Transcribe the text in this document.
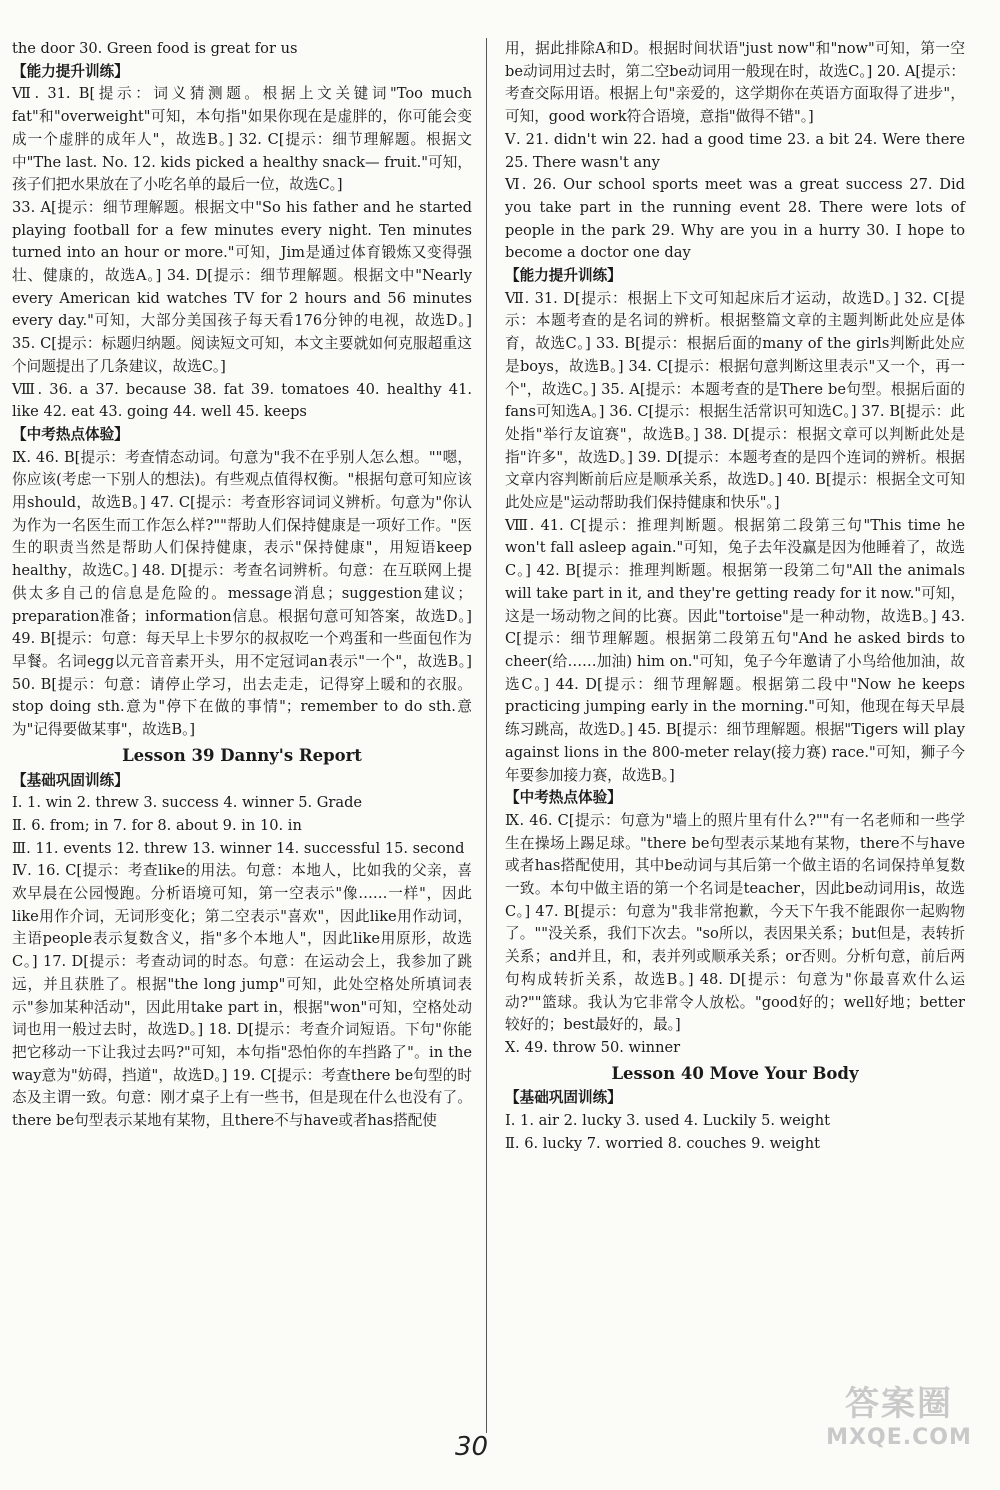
the door 30. Green food is great for us
【能力提升训练】
Ⅶ. 31. B[提示：词义猜测题。根据上文关键词"Too much fat"和"overweight"可知，本句指"如果你现在是虚胖的，你可能会变成一个虚胖的成年人"，故选B。] 32. C[提示：细节理解题。根据文中"The last. No. 12. kids picked a healthy snack— fruit."可知，孩子们把水果放在了小吃名单的最后一位，故选C。]
33. A[提示：细节理解题。根据文中"So his father and he started playing football for a few minutes every night. Ten minutes turned into an hour or more."可知，Jim是通过体育锻炼又变得强壮、健康的，故选A。] 34. D[提示：细节理解题。根据文中"Nearly every American kid watches TV for 2 hours and 56 minutes every day."可知，大部分美国孩子每天看176分钟的电视，故选D。] 35. C[提示：标题归纳题。阅读短文可知，本文主要就如何克服超重这个问题提出了几条建议，故选C。]
Ⅷ. 36. a 37. because 38. fat 39. tomatoes 40. healthy 41. like 42. eat 43. going 44. well 45. keeps
【中考热点体验】
Ⅸ. 46. B[提示：考查情态动词。句意为"我不在乎别人怎么想。""嗯，你应该(考虑一下别人的想法)。有些观点值得权衡。"根据句意可知应该用should，故选B。] 47. C[提示：考查形容词词义辨析。句意为"你认为作为一名医生而工作怎么样?""帮助人们保持健康是一项好工作。"医生的职责当然是帮助人们保持健康，表示"保持健康"，用短语keep healthy，故选C。] 48. D[提示：考查名词辨析。句意：在互联网上提供太多自己的信息是危险的。message消息；suggestion建议；preparation准备；information信息。根据句意可知答案，故选D。] 49. B[提示：句意：每天早上卡罗尔的叔叔吃一个鸡蛋和一些面包作为早餐。名词egg以元音音素开头，用不定冠词an表示"一个"，故选B。] 50. B[提示：句意：请停止学习，出去走走，记得穿上暖和的衣服。stop doing sth.意为"停下在做的事情"；remember to do sth.意为"记得要做某事"，故选B。]
Lesson 39 Danny's Report
【基础巩固训练】
Ⅰ. 1. win 2. threw 3. success 4. winner 5. Grade
Ⅱ. 6. from; in 7. for 8. about 9. in 10. in
Ⅲ. 11. events 12. threw 13. winner 14. successful 15. second
Ⅳ. 16. C[提示：考查like的用法。句意：本地人，比如我的父亲，喜欢早晨在公园慢跑。分析语境可知，第一空表示"像……一样"，因此like用作介词，无词形变化；第二空表示"喜欢"，因此like用作动词，主语people表示复数含义，指"多个本地人"，因此like用原形，故选C。] 17. D[提示：考查动词的时态。句意：在运动会上，我参加了跳远，并且获胜了。根据"the long jump"可知，此处空格处所填词表示"参加某种活动"，因此用take part in，根据"won"可知，空格处动词也用一般过去时，故选D。] 18. D[提示：考查介词短语。下句"你能把它移动一下让我过去吗?"可知，本句指"恐怕你的车挡路了"。in the way意为"妨碍，挡道"，故选D。] 19. C[提示：考查there be句型的时态及主谓一致。句意：刚才桌子上有一些书，但是现在什么也没有了。there be句型表示某地有某物，且there不与have或者has搭配使
用，据此排除A和D。根据时间状语"just now"和"now"可知，第一空be动词用过去时，第二空be动词用一般现在时，故选C。] 20. A[提示：考查交际用语。根据上句"亲爱的，这学期你在英语方面取得了进步"，可知，good work符合语境，意指"做得不错"。]
Ⅴ. 21. didn't win 22. had a good time 23. a bit 24. Were there 25. There wasn't any
Ⅵ. 26. Our school sports meet was a great success 27. Did you take part in the running event 28. There were lots of people in the park 29. Why are you in a hurry 30. I hope to become a doctor one day
【能力提升训练】
Ⅶ. 31. D[提示：根据上下文可知起床后才运动，故选D。] 32. C[提示：本题考查的是名词的辨析。根据整篇文章的主题判断此处应是体育，故选C。] 33. B[提示：根据后面的many of the girls判断此处应是boys，故选B。] 34. C[提示：根据句意判断这里表示"又一个，再一个"，故选C。] 35. A[提示：本题考查的是There be句型。根据后面的fans可知选A。] 36. C[提示：根据生活常识可知选C。] 37. B[提示：此处指"举行友谊赛"，故选B。] 38. D[提示：根据文章可以判断此处是指"许多"，故选D。] 39. D[提示：本题考查的是四个连词的辨析。根据文章内容判断前后应是顺承关系，故选D。] 40. B[提示：根据全文可知此处应是"运动帮助我们保持健康和快乐"。]
Ⅷ. 41. C[提示：推理判断题。根据第二段第三句"This time he won't fall asleep again."可知，兔子去年没赢是因为他睡着了，故选C。] 42. B[提示：推理判断题。根据第一段第二句"All the animals will take part in it, and they're getting ready for it now."可知，这是一场动物之间的比赛。因此"tortoise"是一种动物，故选B。] 43. C[提示：细节理解题。根据第二段第五句"And he asked birds to cheer(给……加油) him on."可知，兔子今年邀请了小鸟给他加油，故选C。] 44. D[提示：细节理解题。根据第二段中"Now he keeps practicing jumping early in the morning."可知，他现在每天早晨练习跳高，故选D。] 45. B[提示：细节理解题。根据"Tigers will play against lions in the 800-meter relay(接力赛) race."可知，狮子今年要参加接力赛，故选B。]
【中考热点体验】
Ⅸ. 46. C[提示：句意为"墙上的照片里有什么?""有一名老师和一些学生在操场上踢足球。"there be句型表示某地有某物，there不与have或者has搭配使用，其中be动词与其后第一个做主语的名词保持单复数一致。本句中做主语的第一个名词是teacher，因此be动词用is，故选C。] 47. B[提示：句意为"我非常抱歉，今天下午我不能跟你一起购物了。""没关系，我们下次去。"so所以，表因果关系；but但是，表转折关系；and并且，和，表并列或顺承关系；or否则。分析句意，前后两句构成转折关系，故选B。] 48. D[提示：句意为"你最喜欢什么运动?""篮球。我认为它非常令人放松。"good好的；well好地；better较好的；best最好的，最。]
Ⅹ. 49. throw 50. winner
Lesson 40 Move Your Body
【基础巩固训练】
Ⅰ. 1. air 2. lucky 3. used 4. Luckily 5. weight
Ⅱ. 6. lucky 7. worried 8. couches 9. weight
30
答案圈
MXQE.COM
